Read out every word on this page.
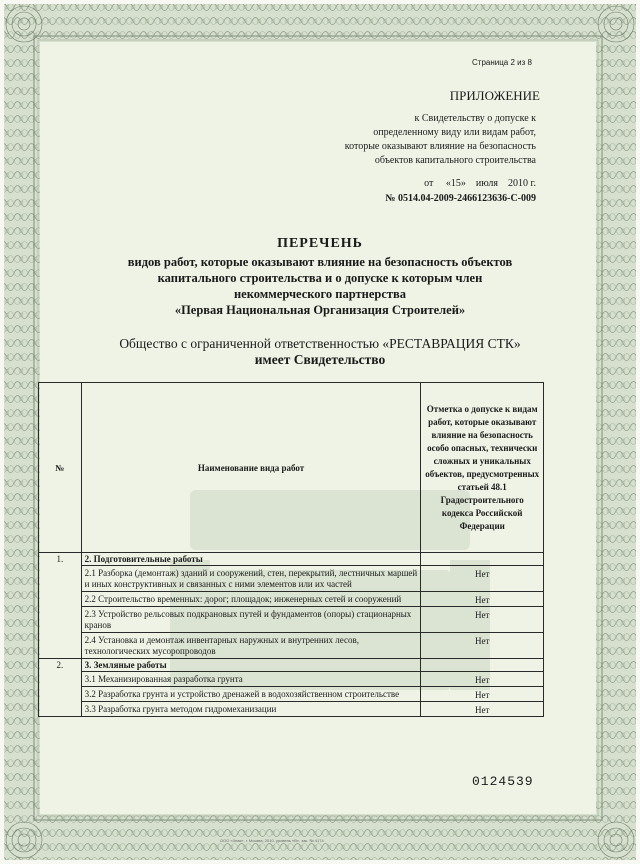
Страница 2 из 8
ПРИЛОЖЕНИЕ
к Свидетельству о допуске к
определенному виду или видам работ,
которые оказывают влияние на безопасность
объектов капитального строительства
от «15» июля 2010 г.
№ 0514.04-2009-2466123636-С-009
ПЕРЕЧЕНЬ
видов работ, которые оказывают влияние на безопасность объектов
капитального строительства и о допуске к которым член
некоммерческого партнерства
«Первая Национальная Организация Строителей»
Общество с ограниченной ответственностью «РЕСТАВРАЦИЯ СТК»
имеет Свидетельство
№	Наименование вида работ	Отметка о допуске к видам работ, которые оказывают влияние на безопасность особо опасных, технически сложных и уникальных объектов, предусмотренных статьей 48.1 Градостроительного кодекса Российской Федерации
1.	2. Подготовительные работы	
	2.1 Разборка (демонтаж) зданий и сооружений, стен, перекрытий, лестничных маршей и иных конструктивных и связанных с ними элементов или их частей	Нет
	2.2 Строительство временных: дорог; площадок; инженерных сетей и сооружений	Нет
	2.3 Устройство рельсовых подкрановых путей и фундаментов (опоры) стационарных кранов	Нет
	2.4 Установка и демонтаж инвентарных наружных и внутренних лесов, технологических мусоропроводов	Нет
2.	3. Земляные работы	
	3.1 Механизированная разработка грунта	Нет
	3.2 Разработка грунта и устройство дренажей в водохозяйственном строительстве	Нет
	3.3 Разработка грунта методом гидромеханизации	Нет
0124539
ООО «Знак», г. Москва, 2010, уровень «В», зак. № 4174
